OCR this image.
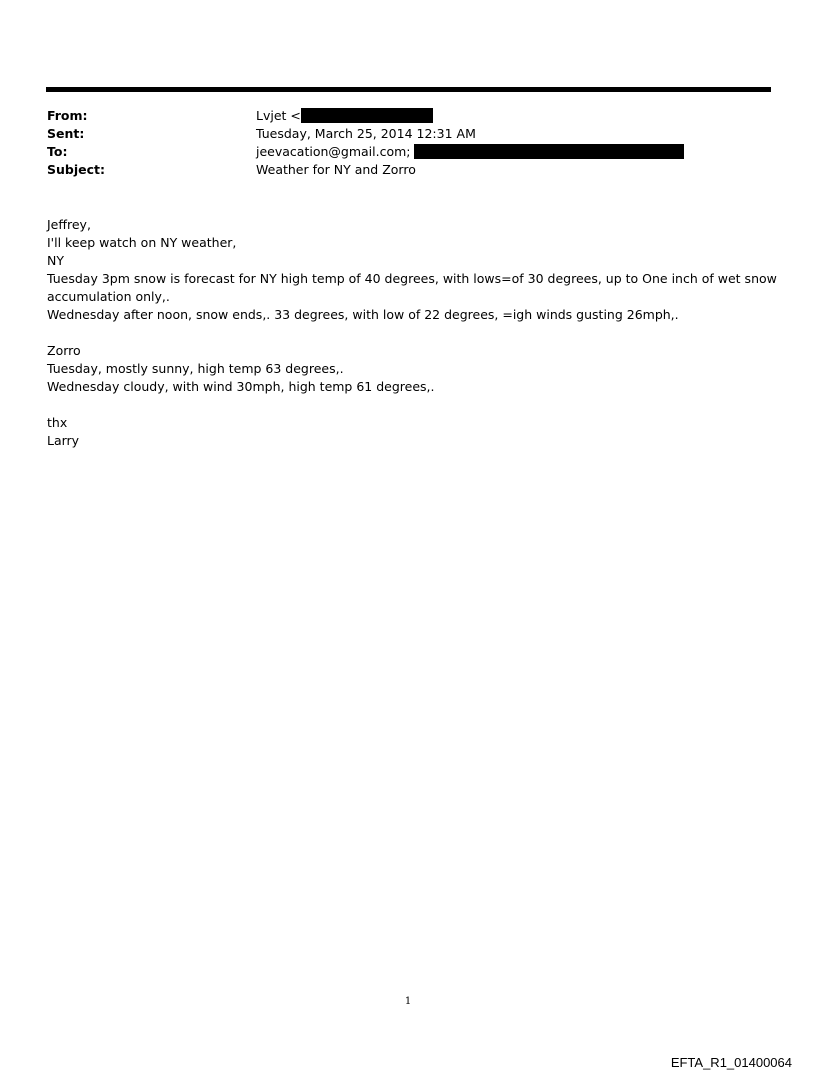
From:	Lvjet <
Sent:	Tuesday, March 25, 2014 12:31 AM
To:	jeevacation@gmail.com;
Subject:	Weather for NY and Zorro

Jeffrey,

I'll keep watch on NY weather,

NY

Tuesday 3pm snow is forecast for NY high temp of 40 degrees, with lows=of 30 degrees, up to One inch of wet snow accumulation only,.

Wednesday after noon, snow ends,. 33 degrees, with low of 22 degrees, =igh winds gusting 26mph,.

Zorro

Tuesday, mostly sunny, high temp 63 degrees,.

Wednesday cloudy, with wind 30mph, high temp 61 degrees,.

thx

Larry

1
EFTA_R1_01400064
